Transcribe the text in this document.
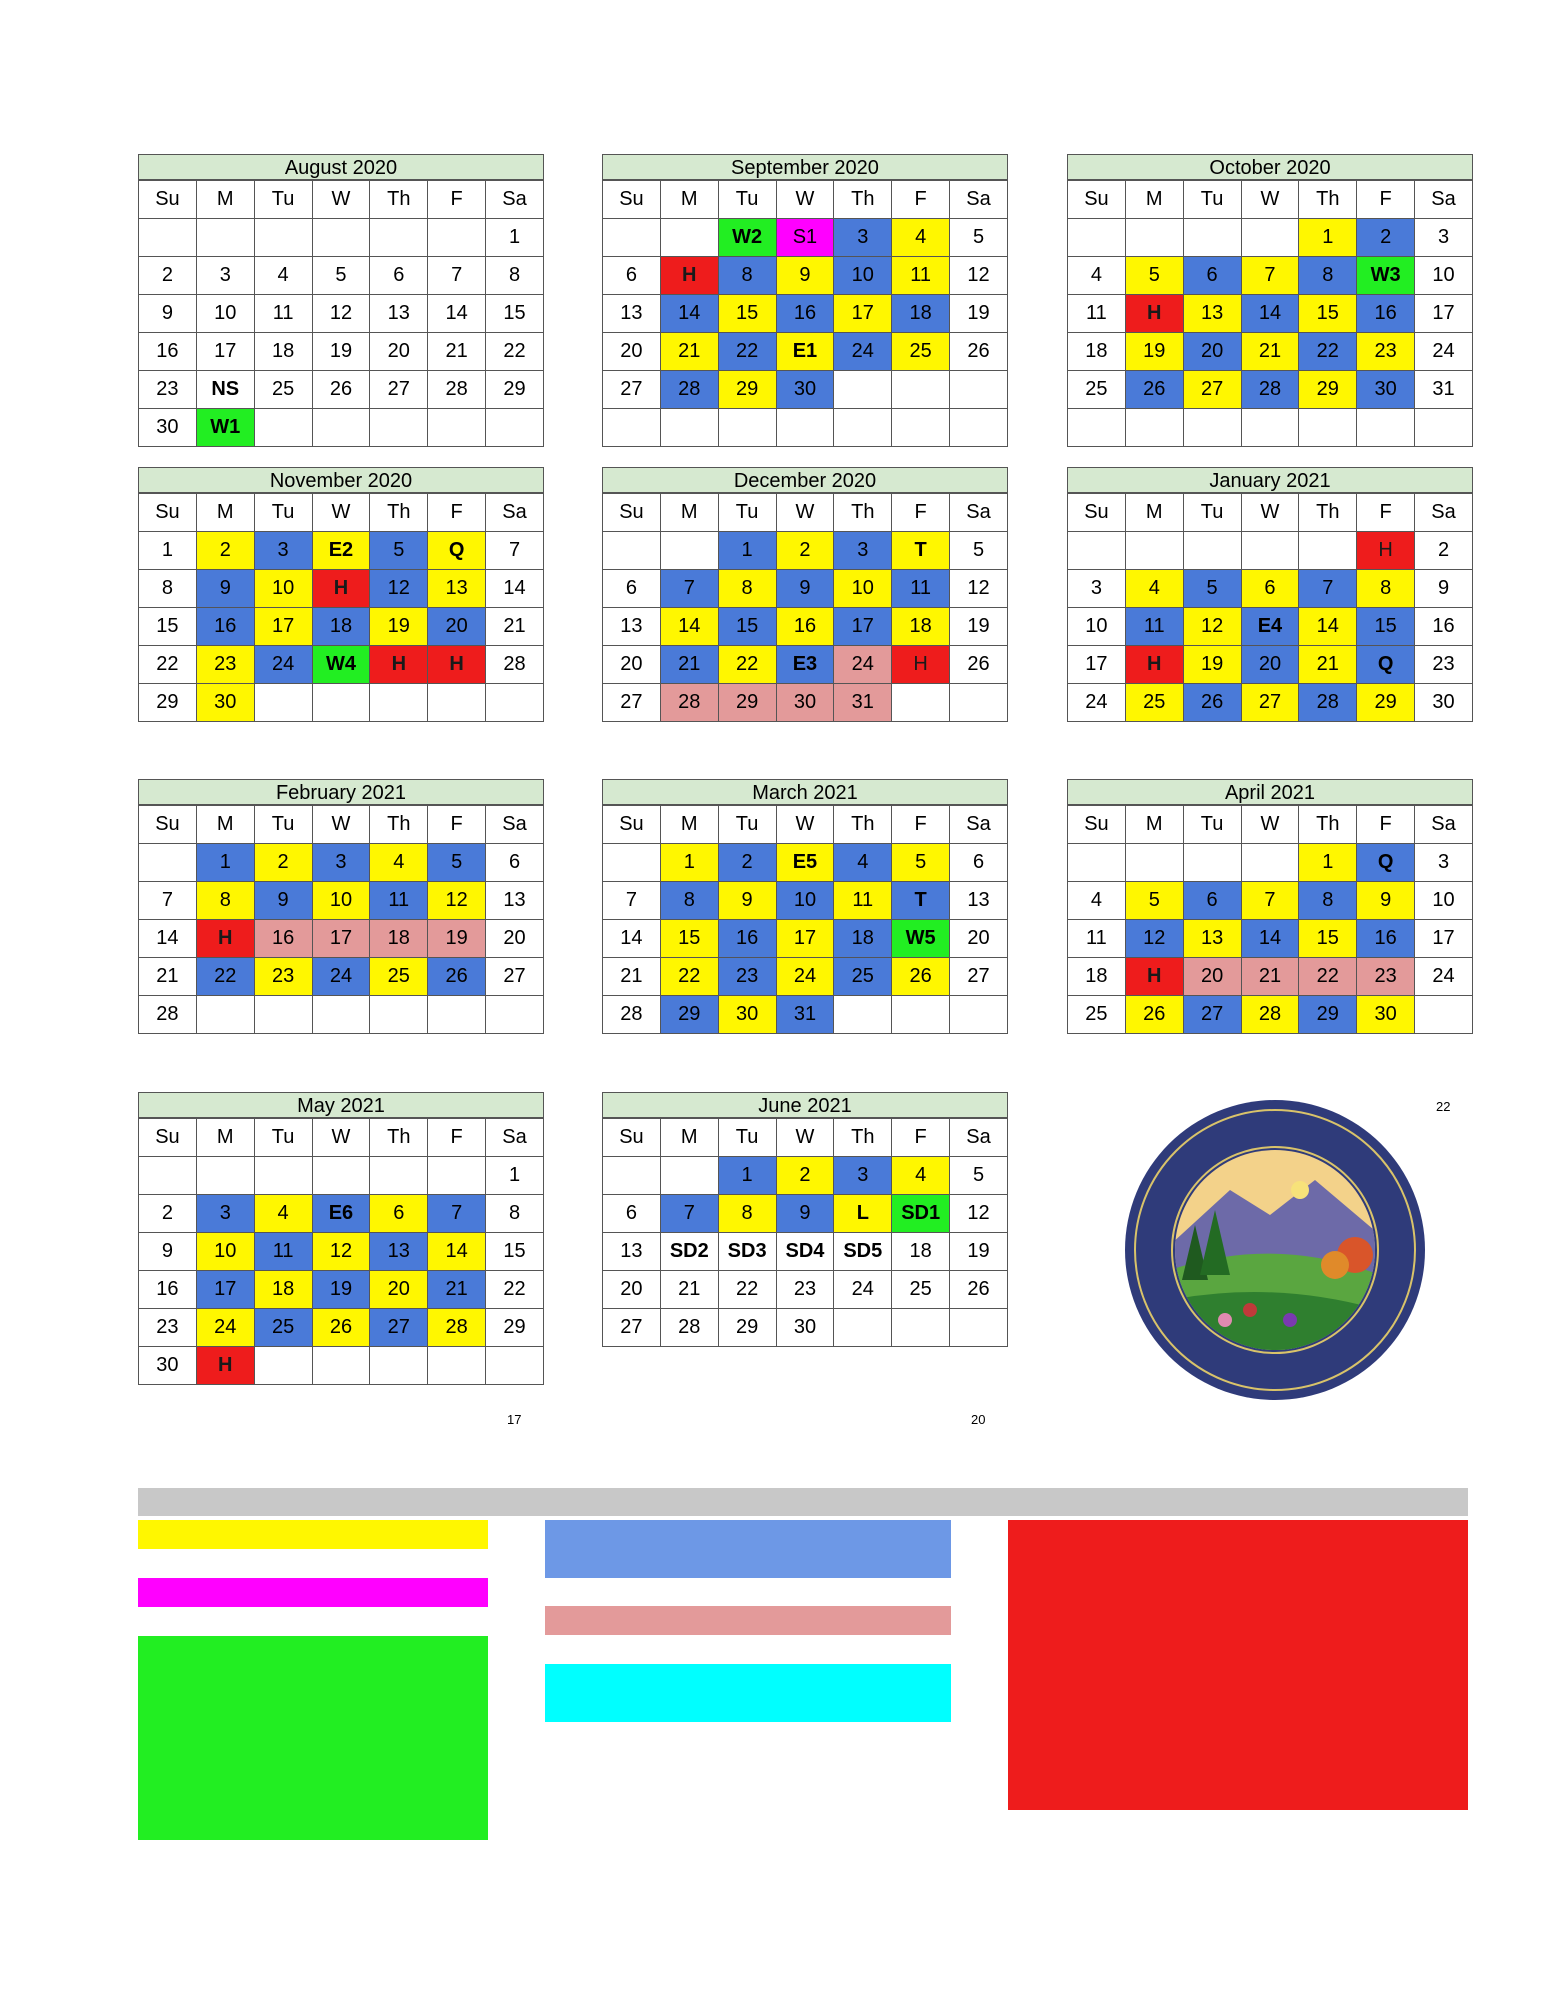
August 2020
Su	M	Tu	W	Th	F	Sa
						1
2	3	4	5	6	7	8
9	10	11	12	13	14	15
16	17	18	19	20	21	22
23	NS	25	26	27	28	29
30	W1					
September 2020
Su	M	Tu	W	Th	F	Sa
		W2	S1	3	4	5
6	H	8	9	10	11	12
13	14	15	16	17	18	19
20	21	22	E1	24	25	26
27	28	29	30			

October 2020
Su	M	Tu	W	Th	F	Sa
				1	2	3
4	5	6	7	8	W3	10
11	H	13	14	15	16	17
18	19	20	21	22	23	24
25	26	27	28	29	30	31

November 2020
Su	M	Tu	W	Th	F	Sa
1	2	3	E2	5	Q	7
8	9	10	H	12	13	14
15	16	17	18	19	20	21
22	23	24	W4	H	H	28
29	30					
December 2020
Su	M	Tu	W	Th	F	Sa
		1	2	3	T	5
6	7	8	9	10	11	12
13	14	15	16	17	18	19
20	21	22	E3	24	H	26
27	28	29	30	31		
January 2021
Su	M	Tu	W	Th	F	Sa
					H	2
3	4	5	6	7	8	9
10	11	12	E4	14	15	16
17	H	19	20	21	Q	23
24	25	26	27	28	29	30
February 2021
Su	M	Tu	W	Th	F	Sa
	1	2	3	4	5	6
7	8	9	10	11	12	13
14	H	16	17	18	19	20
21	22	23	24	25	26	27
28						
March 2021
Su	M	Tu	W	Th	F	Sa
	1	2	E5	4	5	6
7	8	9	10	11	T	13
14	15	16	17	18	W5	20
21	22	23	24	25	26	27
28	29	30	31			
22
April 2021
Su	M	Tu	W	Th	F	Sa
				1	Q	3
4	5	6	7	8	9	10
11	12	13	14	15	16	17
18	H	20	21	22	23	24
25	26	27	28	29	30	
17
May 2021
Su	M	Tu	W	Th	F	Sa
						1
2	3	4	E6	6	7	8
9	10	11	12	13	14	15
16	17	18	19	20	21	22
23	24	25	26	27	28	29
30	H					
20
June 2021
Su	M	Tu	W	Th	F	Sa
		1	2	3	4	5
6	7	8	9	L	SD1	12
13	SD2	SD3	SD4	SD5	18	19
20	21	22	23	24	25	26
27	28	29	30			
